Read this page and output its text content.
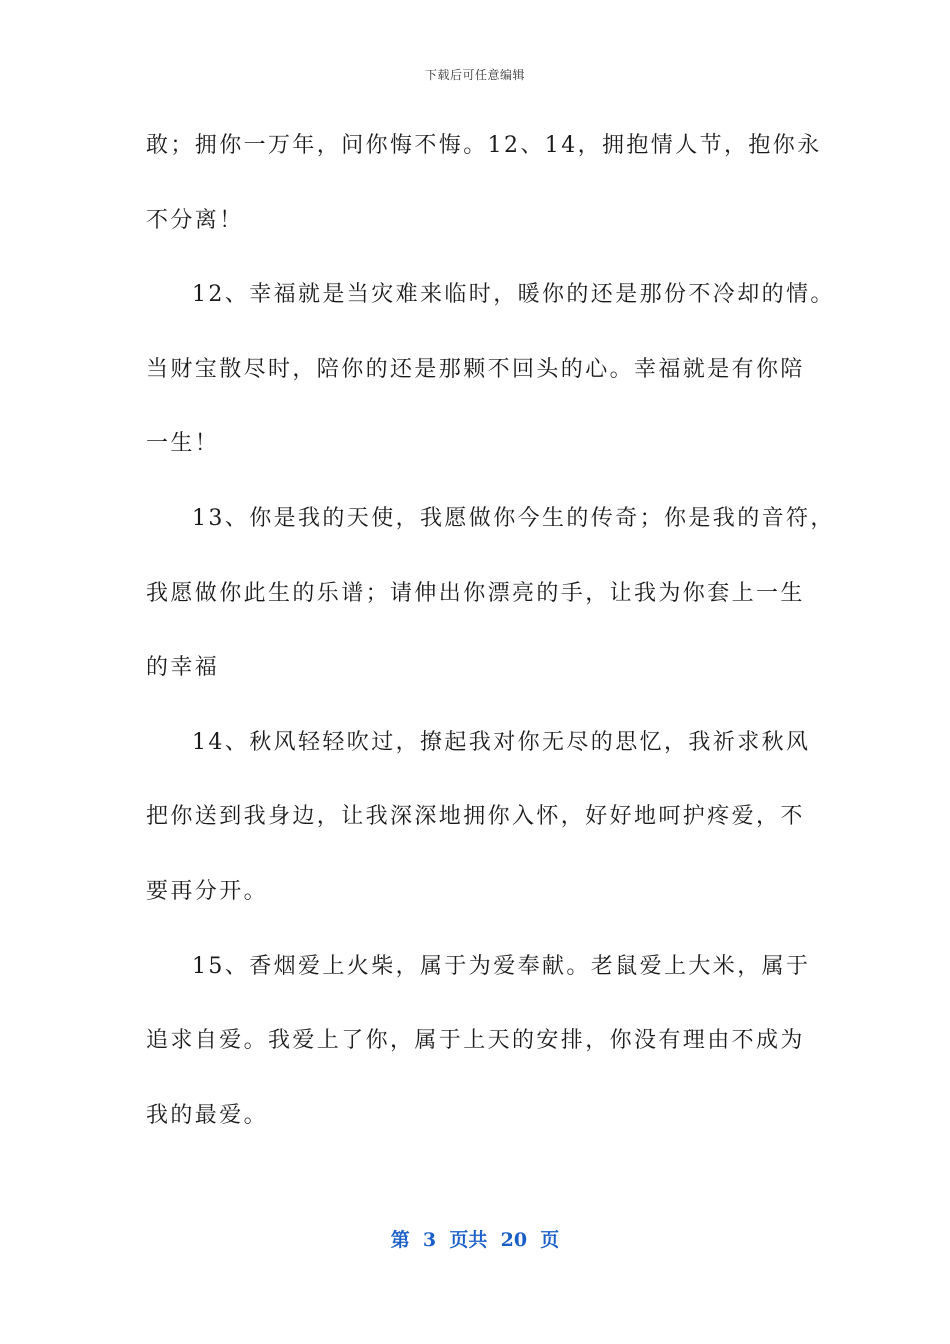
下载后可任意编辑
敢；拥你一万年，问你悔不悔。12、14，拥抱情人节，抱你永
不分离！
12、幸福就是当灾难来临时，暖你的还是那份不冷却的情。
当财宝散尽时，陪你的还是那颗不回头的心。幸福就是有你陪
一生！
13、你是我的天使，我愿做你今生的传奇；你是我的音符，
我愿做你此生的乐谱；请伸出你漂亮的手，让我为你套上一生
的幸福
14、秋风轻轻吹过，撩起我对你无尽的思忆，我祈求秋风
把你送到我身边，让我深深地拥你入怀，好好地呵护疼爱，不
要再分开。
15、香烟爱上火柴，属于为爱奉献。老鼠爱上大米，属于
追求自爱。我爱上了你，属于上天的安排，你没有理由不成为
我的最爱。
第  3  页共  20  页
